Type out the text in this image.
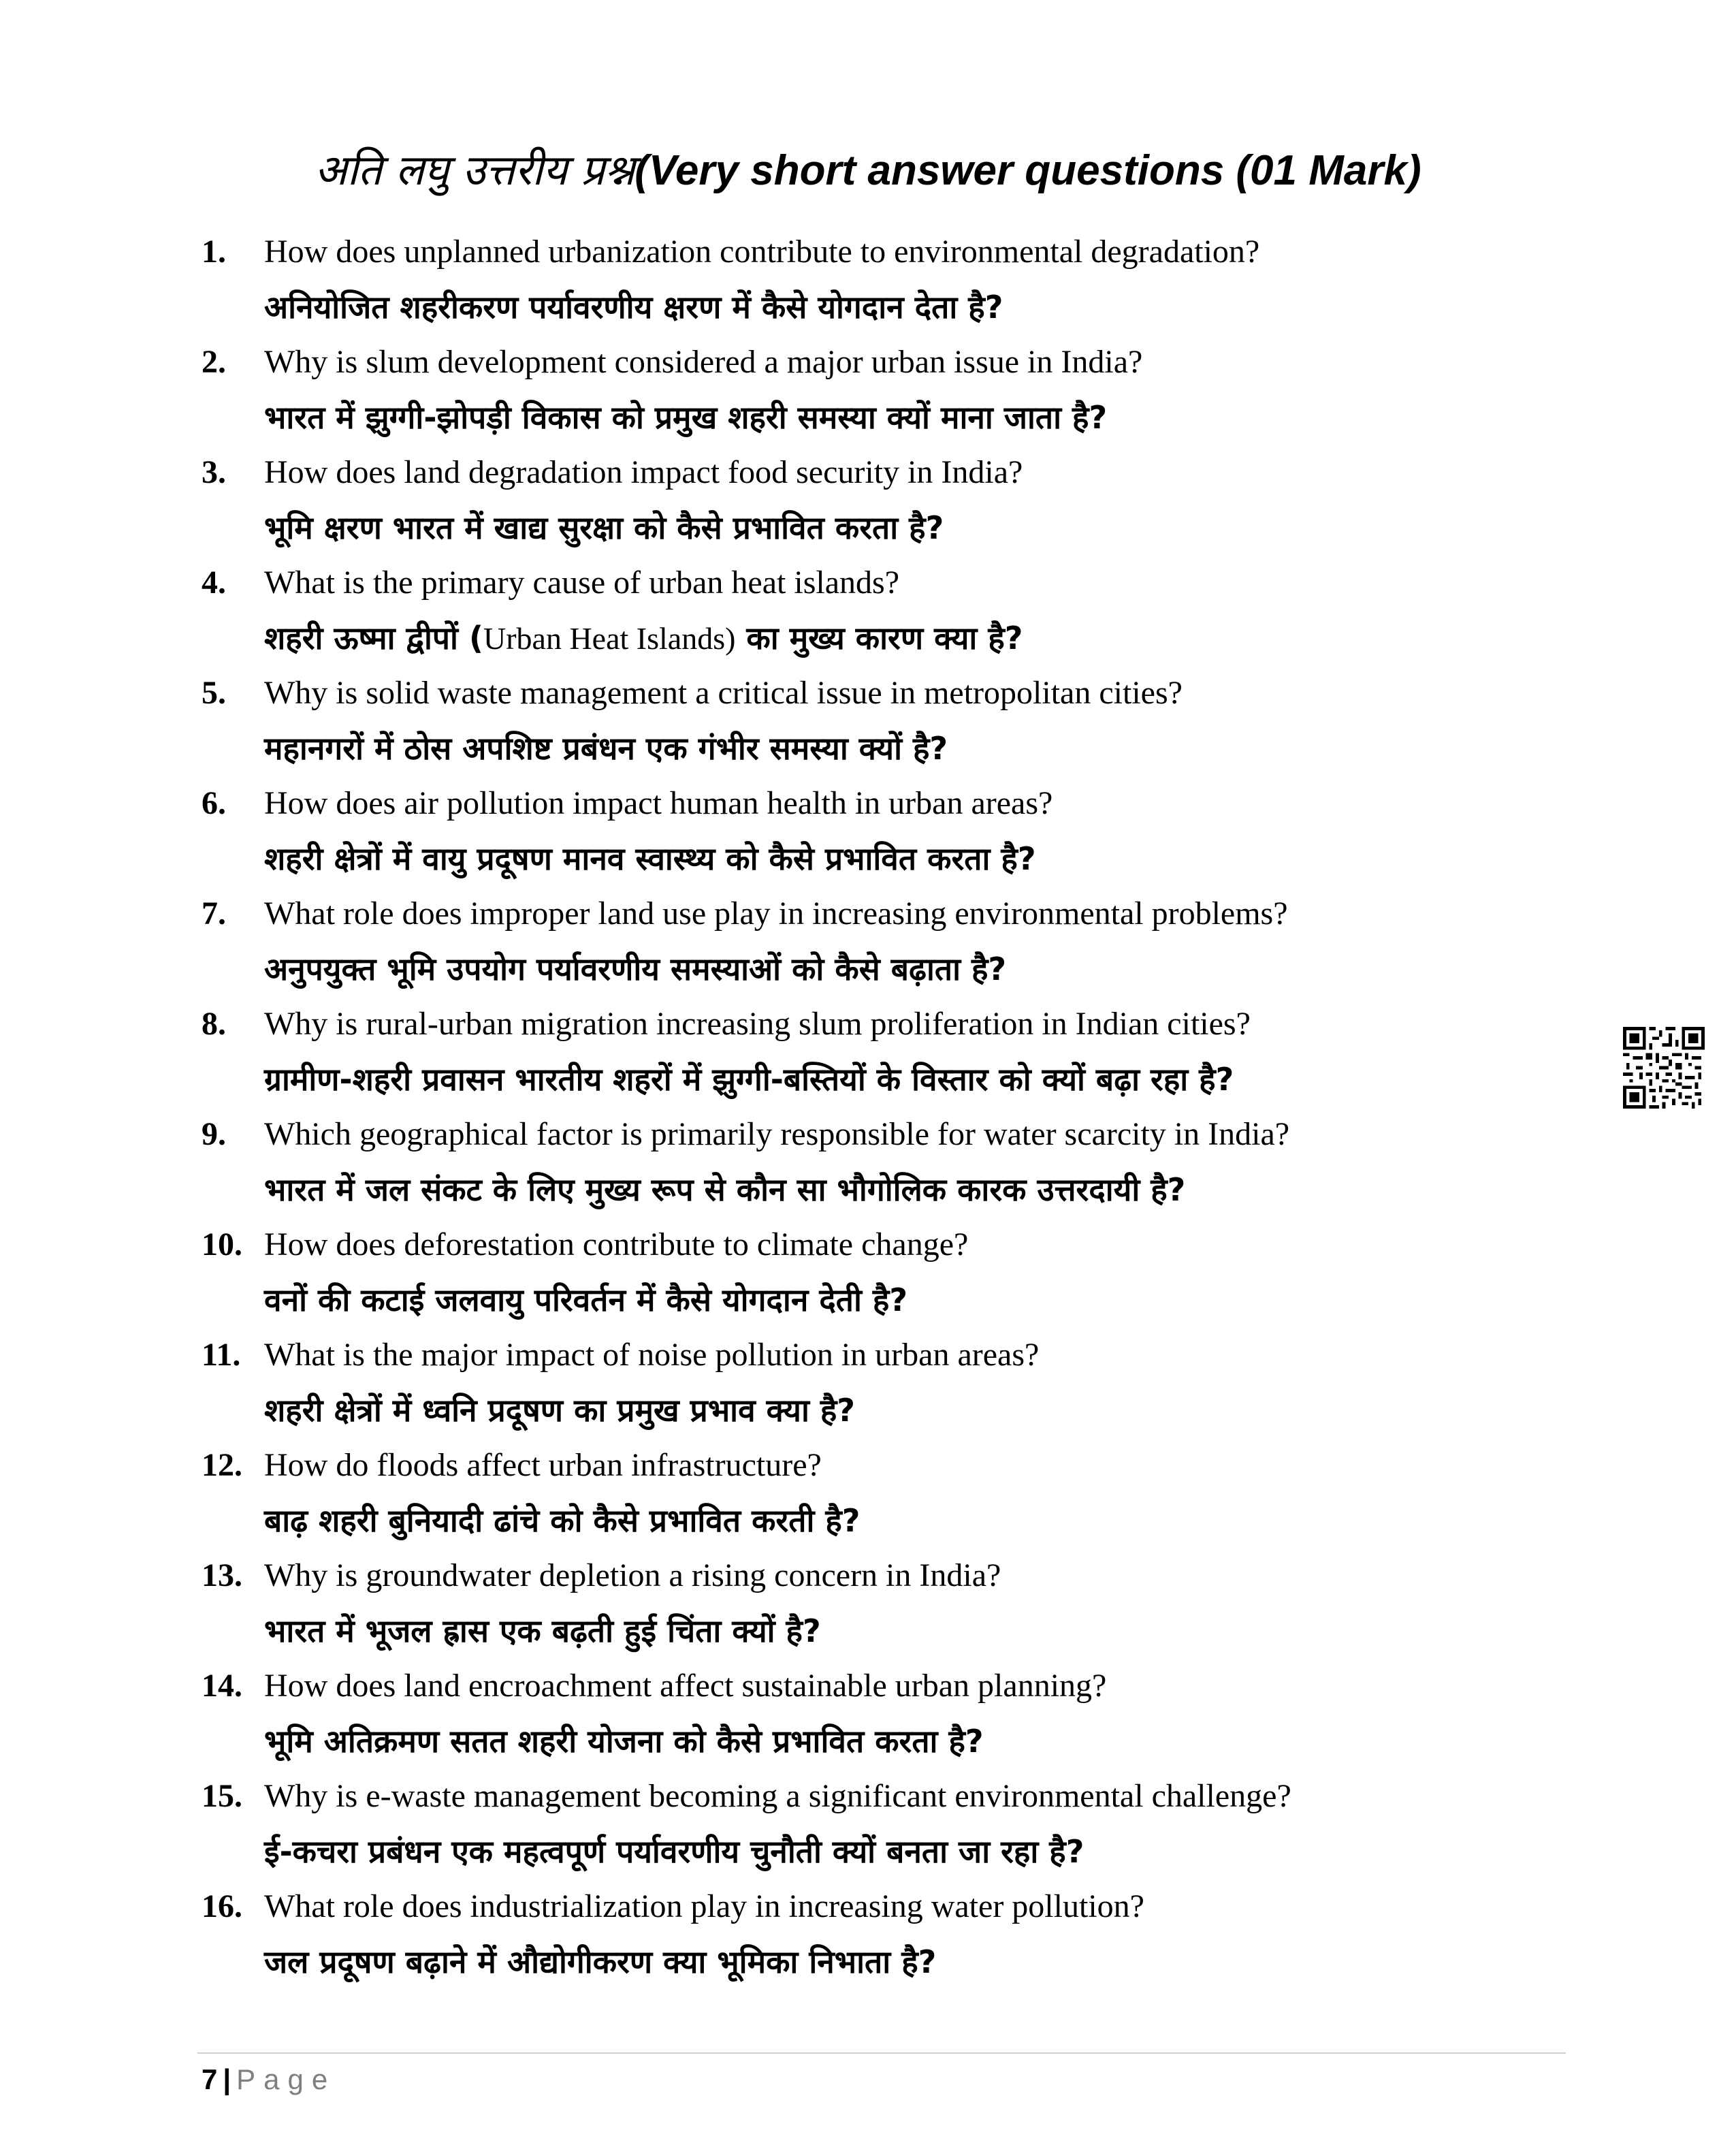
अति लघु उत्तरीय प्रश्न(Very short answer questions (01 Mark)
1. How does unplanned urbanization contribute to environmental degradation?
अनियोजित शहरीकरण पर्यावरणीय क्षरण में कैसे योगदान देता है?
2. Why is slum development considered a major urban issue in India?
भारत में झुग्गी-झोपड़ी विकास को प्रमुख शहरी समस्या क्यों माना जाता है?
3. How does land degradation impact food security in India?
भूमि क्षरण भारत में खाद्य सुरक्षा को कैसे प्रभावित करता है?
4. What is the primary cause of urban heat islands?
शहरी ऊष्मा द्वीपों (Urban Heat Islands) का मुख्य कारण क्या है?
5. Why is solid waste management a critical issue in metropolitan cities?
महानगरों में ठोस अपशिष्ट प्रबंधन एक गंभीर समस्या क्यों है?
6. How does air pollution impact human health in urban areas?
शहरी क्षेत्रों में वायु प्रदूषण मानव स्वास्थ्य को कैसे प्रभावित करता है?
7. What role does improper land use play in increasing environmental problems?
अनुपयुक्त भूमि उपयोग पर्यावरणीय समस्याओं को कैसे बढ़ाता है?
8. Why is rural-urban migration increasing slum proliferation in Indian cities?
ग्रामीण-शहरी प्रवासन भारतीय शहरों में झुग्गी-बस्तियों के विस्तार को क्यों बढ़ा रहा है?
9. Which geographical factor is primarily responsible for water scarcity in India?
भारत में जल संकट के लिए मुख्य रूप से कौन सा भौगोलिक कारक उत्तरदायी है?
10. How does deforestation contribute to climate change?
वनों की कटाई जलवायु परिवर्तन में कैसे योगदान देती है?
11. What is the major impact of noise pollution in urban areas?
शहरी क्षेत्रों में ध्वनि प्रदूषण का प्रमुख प्रभाव क्या है?
12. How do floods affect urban infrastructure?
बाढ़ शहरी बुनियादी ढांचे को कैसे प्रभावित करती है?
13. Why is groundwater depletion a rising concern in India?
भारत में भूजल ह्रास एक बढ़ती हुई चिंता क्यों है?
14. How does land encroachment affect sustainable urban planning?
भूमि अतिक्रमण सतत शहरी योजना को कैसे प्रभावित करता है?
15. Why is e-waste management becoming a significant environmental challenge?
ई-कचरा प्रबंधन एक महत्वपूर्ण पर्यावरणीय चुनौती क्यों बनता जा रहा है?
16. What role does industrialization play in increasing water pollution?
जल प्रदूषण बढ़ाने में औद्योगीकरण क्या भूमिका निभाता है?
7 | Page
